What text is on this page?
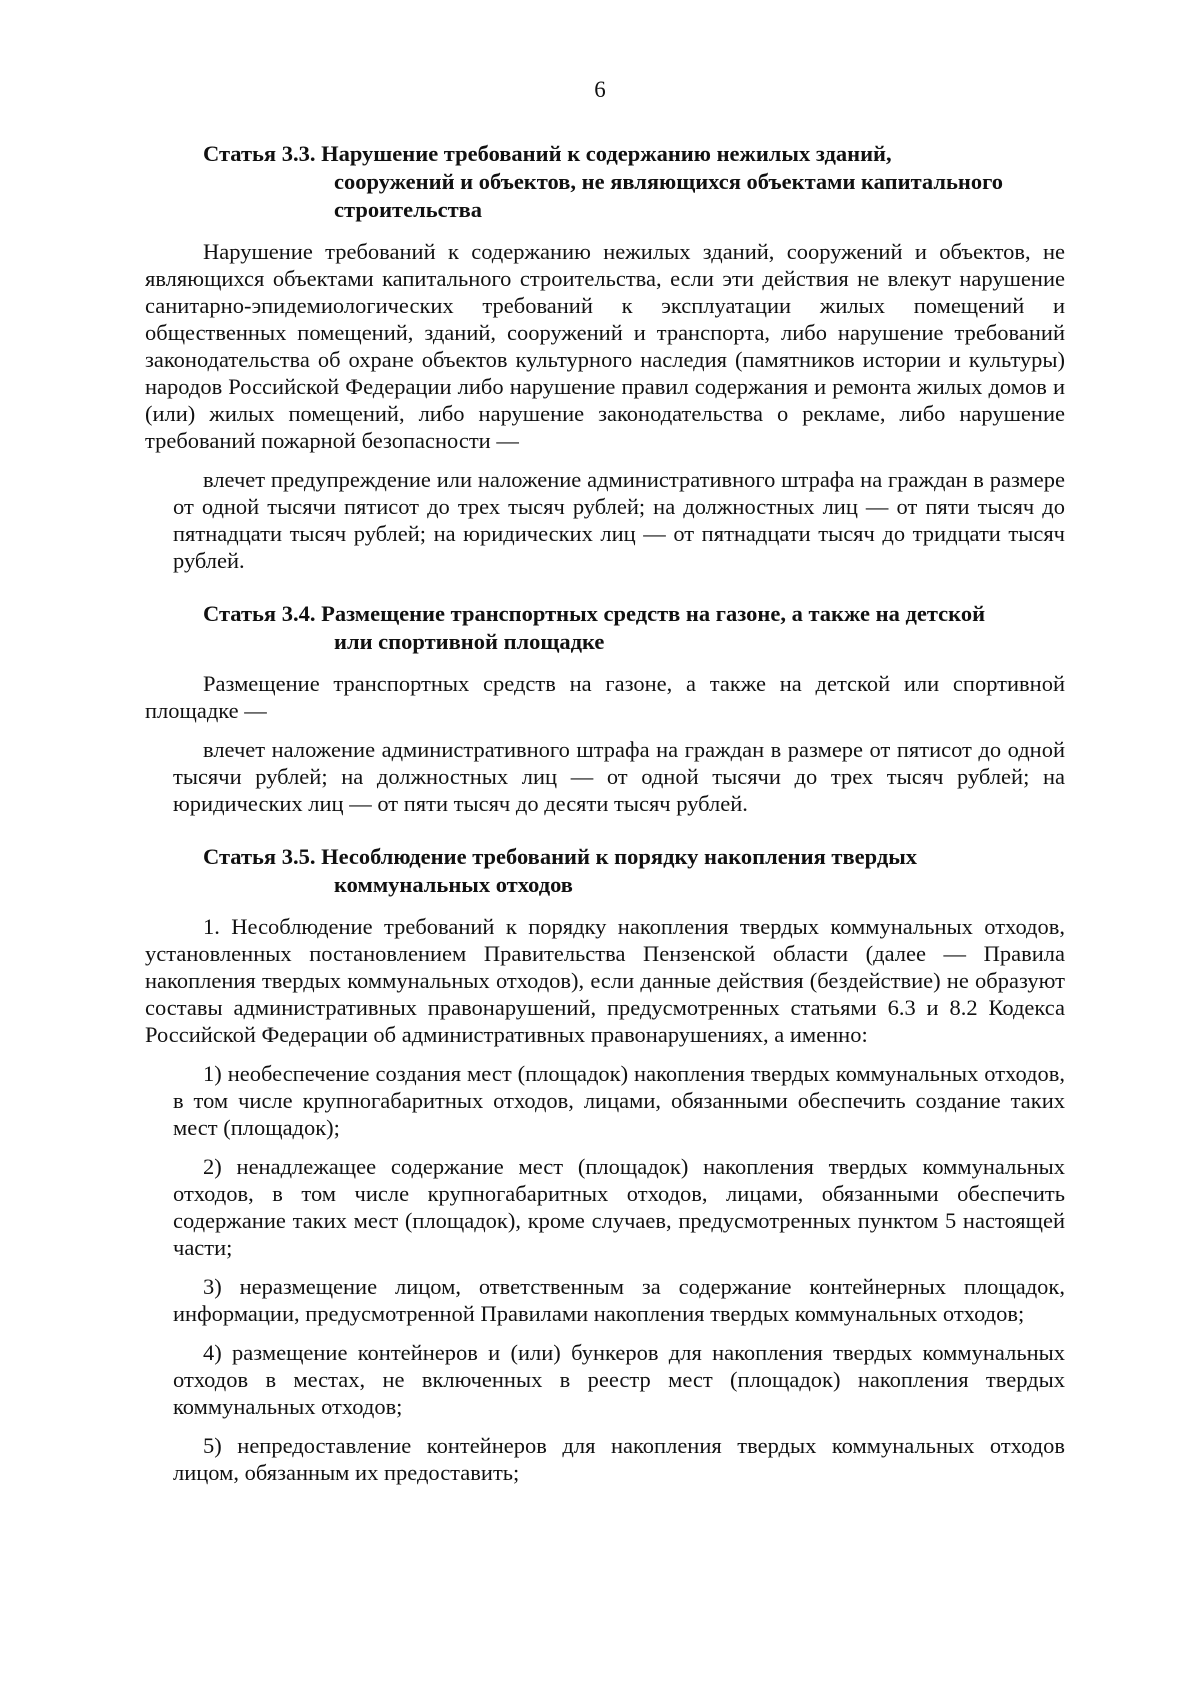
6
Статья 3.3. Нарушение требований к содержанию нежилых зданий,
сооружений и объектов, не являющихся объектами капитального строительства

Нарушение требований к содержанию нежилых зданий, сооружений и объектов, не являющихся объектами капитального строительства, если эти действия не влекут нарушение санитарно-эпидемиологических требований к эксплуатации жилых помещений и общественных помещений, зданий, сооружений и транспорта, либо нарушение требований законодательства об охране объектов культурного наследия (памятников истории и культуры) народов Российской Федерации либо нарушение правил содержания и ремонта жилых домов и (или) жилых помещений, либо нарушение законодательства о рекламе, либо нарушение требований пожарной безопасности —

влечет предупреждение или наложение административного штрафа на граждан в размере от одной тысячи пятисот до трех тысяч рублей; на должностных лиц — от пяти тысяч до пятнадцати тысяч рублей; на юридических лиц — от пятнадцати тысяч до тридцати тысяч рублей.

Статья 3.4. Размещение транспортных средств на газоне, а также на детской
или спортивной площадке

Размещение транспортных средств на газоне, а также на детской или спортивной площадке —

влечет наложение административного штрафа на граждан в размере от пятисот до одной тысячи рублей; на должностных лиц — от одной тысячи до трех тысяч рублей; на юридических лиц — от пяти тысяч до десяти тысяч рублей.

Статья 3.5. Несоблюдение требований к порядку накопления твердых
коммунальных отходов

1. Несоблюдение требований к порядку накопления твердых коммунальных отходов, установленных постановлением Правительства Пензенской области (далее — Правила накопления твердых коммунальных отходов), если данные действия (бездействие) не образуют составы административных правонарушений, предусмотренных статьями 6.3 и 8.2 Кодекса Российской Федерации об административных правонарушениях, а именно:

1) необеспечение создания мест (площадок) накопления твердых коммунальных отходов, в том числе крупногабаритных отходов, лицами, обязанными обеспечить создание таких мест (площадок);

2) ненадлежащее содержание мест (площадок) накопления твердых коммунальных отходов, в том числе крупногабаритных отходов, лицами, обязанными обеспечить содержание таких мест (площадок), кроме случаев, предусмотренных пунктом 5 настоящей части;

3) неразмещение лицом, ответственным за содержание контейнерных площадок, информации, предусмотренной Правилами накопления твердых коммунальных отходов;

4) размещение контейнеров и (или) бункеров для накопления твердых коммунальных отходов в местах, не включенных в реестр мест (площадок) накопления твердых коммунальных отходов;

5) непредоставление контейнеров для накопления твердых коммунальных отходов лицом, обязанным их предоставить;
